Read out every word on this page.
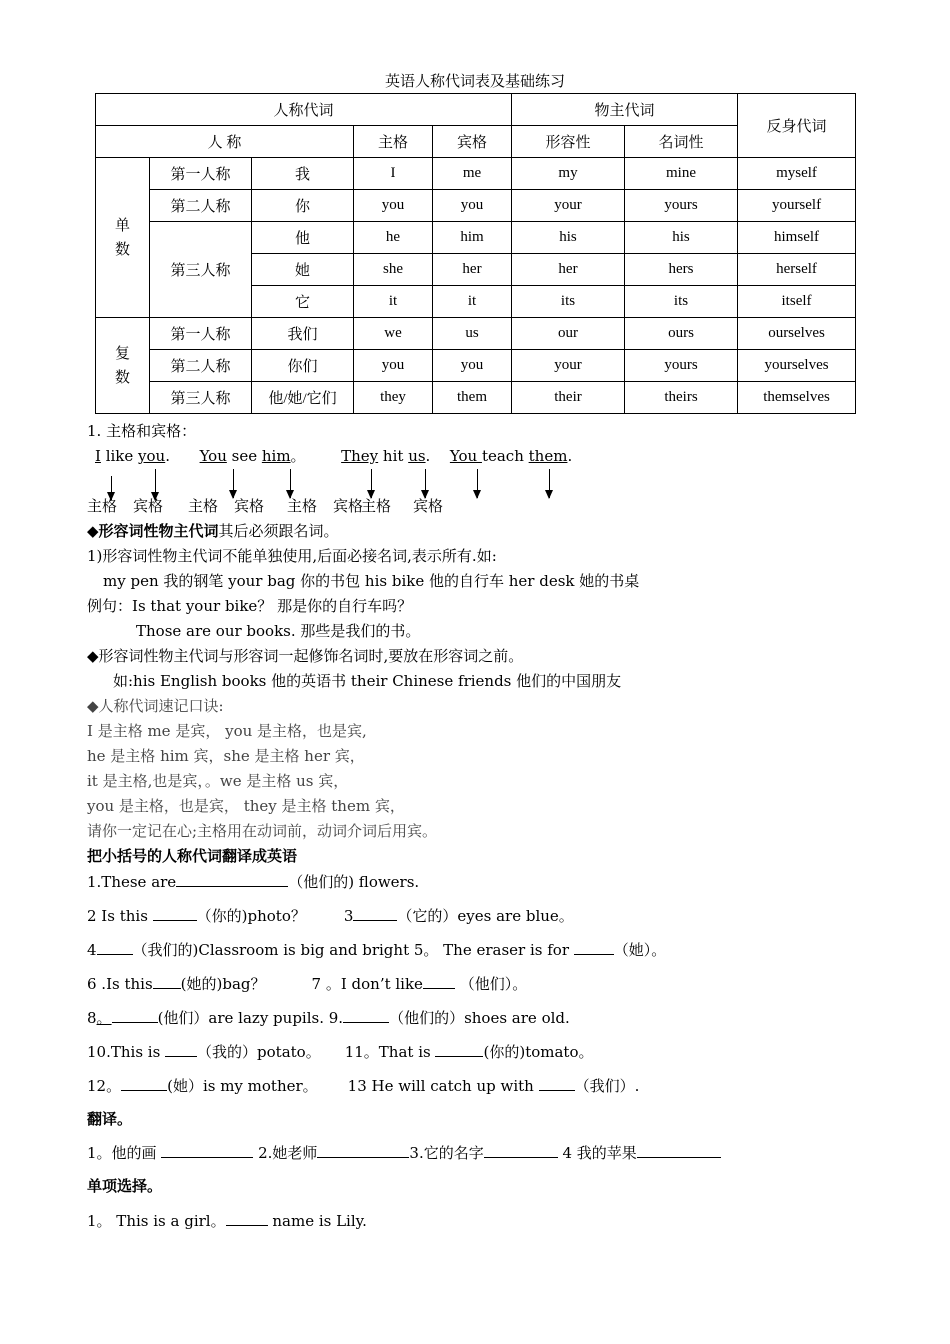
英语人称代词表及基础练习
人称代词					物主代词		反身代词
人 称			主格	宾格	形容性	名词性	
单
数	第一人称	我	I	me	my	mine	myself
	第二人称	你	you	you	your	yours	yourself
	第三人称	他	he	him	his	his	himself
		她	she	her	her	hers	herself
		它	it	it	its	its	itself
复
数	第一人称	我们	we	us	our	ours	ourselves
	第二人称	你们	you	you	your	yours	yourselves
	第三人称	他/她/它们	they	them	their	theirs	themselves
1. 主格和宾格：
I like you. You see him。 They hit us. You teach them.
主格 宾格 主格 宾格 主格 宾格主格 宾格
◆形容词性物主代词其后必须跟名词。
1)形容词性物主代词不能单独使用,后面必接名词,表示所有.如:
my pen 我的钢笔 your bag 你的书包 his bike 他的自行车 her desk 她的书桌
例句：Is that your bike？ 那是你的自行车吗？
Those are our books. 那些是我们的书。
◆形容词性物主代词与形容词一起修饰名词时,要放在形容词之前。
如:his English books 他的英语书 their Chinese friends 他们的中国朋友
◆人称代词速记口诀:
I 是主格 me 是宾， you 是主格，也是宾,
he 是主格 him 宾，she 是主格 her 宾，
it 是主格,也是宾，。we 是主格 us 宾，
you 是主格，也是宾， they 是主格 them 宾，
请你一定记在心;主格用在动词前，动词介词后用宾。
把小括号的人称代词翻译成英语
1.These are	（他们的) flowers.
2 Is this	（你的)photo？	3	（它的）eyes are blue。
4 （我们的)Classroom is big and bright 5。 The eraser is for	（她）。
6 .Is this (她的)bag？	7 。I don’t like （他们）。
8。	(他们）are lazy pupils. 9.	（他们的）shoes are old.
10.This is （我的）potato。 11。That is	(你的)tomato。
12。	(她）is my mother。 13 He will catch up with （我们）.
翻译。
1。他的画	2.她老师	3.它的名字	4 我的苹果
单项选择。
1。 This is a girl。	name is Lily.
